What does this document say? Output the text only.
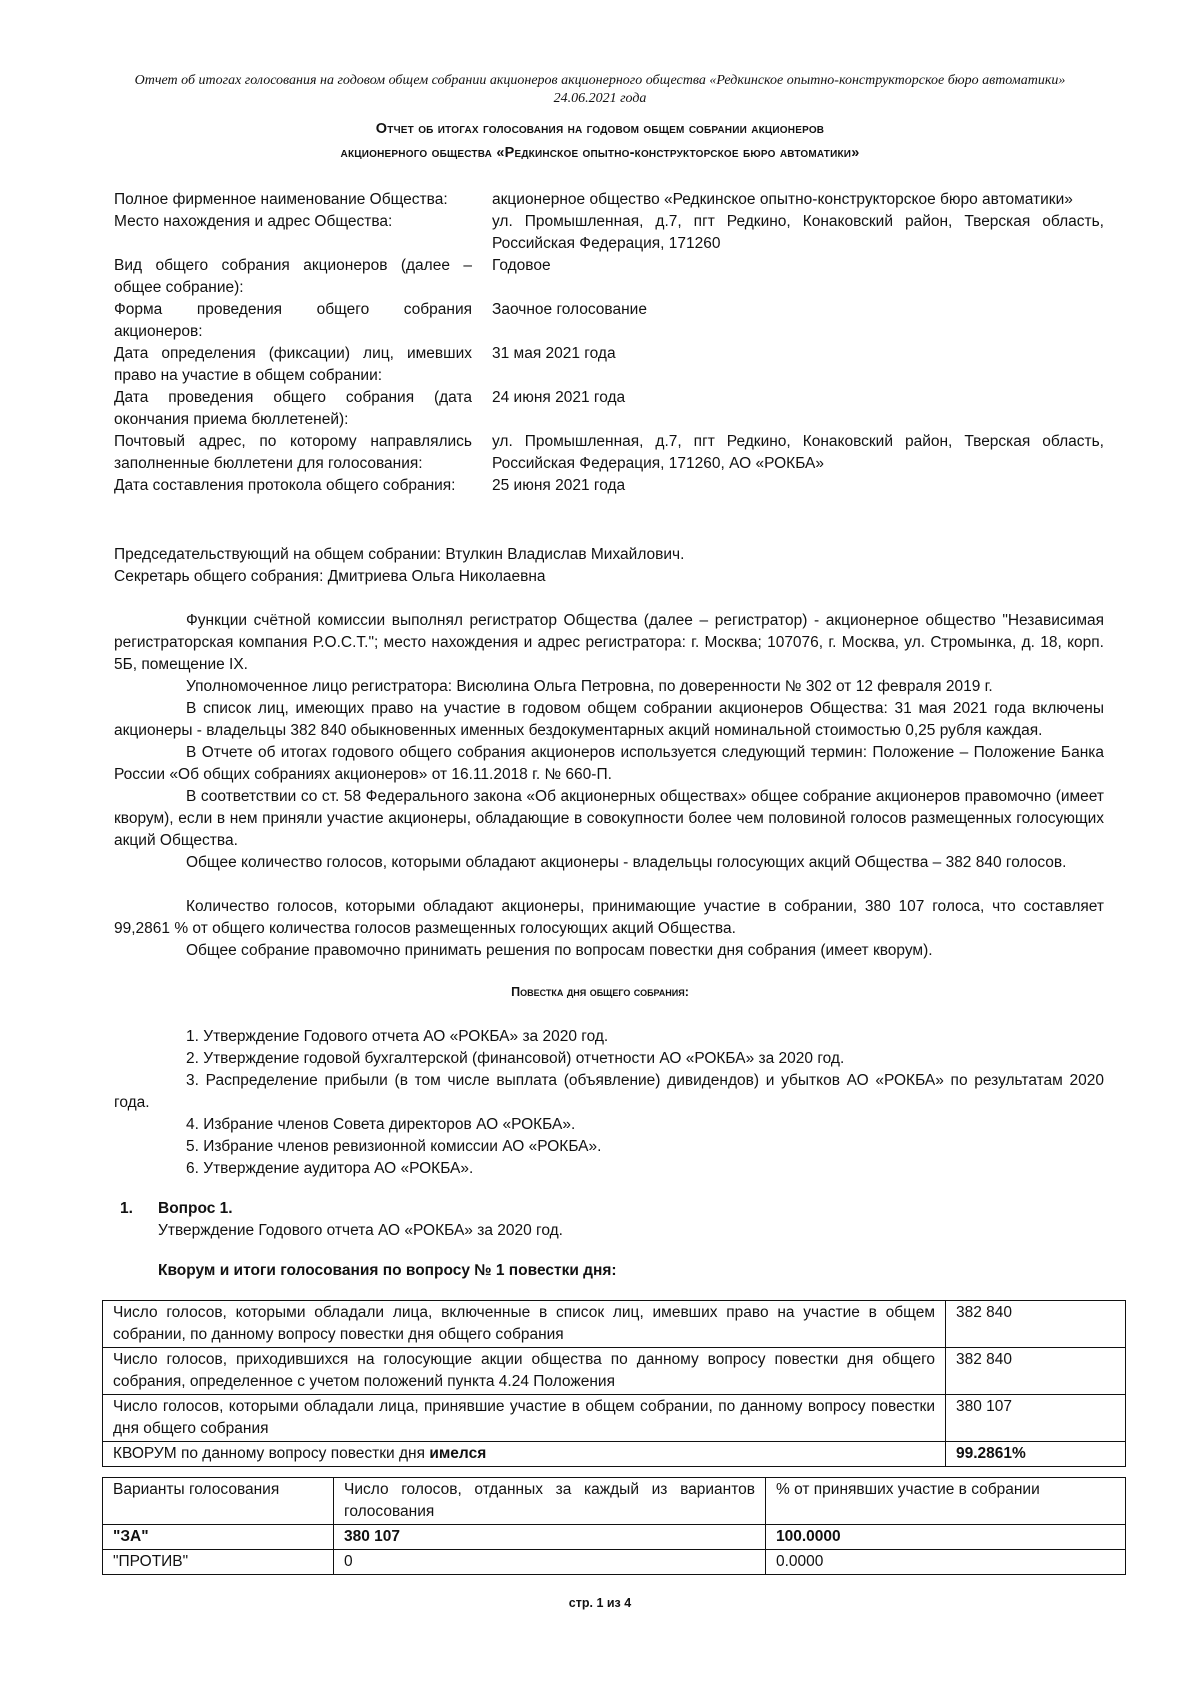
Отчет об итогах голосования на годовом общем собрании акционеров акционерного общества «Редкинское опытно-конструкторское бюро автоматики»
24.06.2021 года
Отчет об итогах голосования на годовом общем собрании акционеров
акционерного общества «Редкинское опытно-конструкторское бюро автоматики»
Полное фирменное наименование Общества:	акционерное общество «Редкинское опытно-конструкторское бюро автоматики»
Место нахождения и адрес Общества:	ул. Промышленная, д.7, пгт Редкино, Конаковский район, Тверская область, Российская Федерация, 171260
Вид общего собрания акционеров (далее – общее собрание):	Годовое
Форма проведения общего собрания акционеров:	Заочное голосование
Дата определения (фиксации) лиц, имевших право на участие в общем собрании:	31 мая 2021 года
Дата проведения общего собрания (дата окончания приема бюллетеней):	24 июня 2021 года
Почтовый адрес, по которому направлялись заполненные бюллетени для голосования:	ул. Промышленная, д.7, пгт Редкино, Конаковский район, Тверская область, Российская Федерация, 171260, АО «РОКБА»
Дата составления протокола общего собрания:	25 июня 2021 года
Председательствующий на общем собрании: Втулкин Владислав Михайлович.
Секретарь общего собрания: Дмитриева Ольга Николаевна
Функции счётной комиссии выполнял регистратор Общества (далее – регистратор) - акционерное общество "Независимая регистраторская компания Р.О.С.Т."; место нахождения и адрес регистратора: г. Москва; 107076, г. Москва, ул. Стромынка, д. 18, корп. 5Б, помещение IX.
Уполномоченное лицо регистратора: Висюлина Ольга Петровна, по доверенности № 302 от 12 февраля 2019 г.
В список лиц, имеющих право на участие в годовом общем собрании акционеров Общества: 31 мая 2021 года включены акционеры - владельцы 382 840 обыкновенных именных бездокументарных акций номинальной стоимостью 0,25 рубля каждая.
В Отчете об итогах годового общего собрания акционеров используется следующий термин: Положение – Положение Банка России «Об общих собраниях акционеров» от 16.11.2018 г. № 660-П.
В соответствии со ст. 58 Федерального закона «Об акционерных обществах» общее собрание акционеров правомочно (имеет кворум), если в нем приняли участие акционеры, обладающие в совокупности более чем половиной голосов размещенных голосующих акций Общества.
Общее количество голосов, которыми обладают акционеры - владельцы голосующих акций Общества – 382 840 голосов.
Количество голосов, которыми обладают акционеры, принимающие участие в собрании, 380 107 голоса, что составляет 99,2861 % от общего количества голосов размещенных голосующих акций Общества.
Общее собрание правомочно принимать решения по вопросам повестки дня собрания (имеет кворум).
Повестка дня общего собрания:
1. Утверждение Годового отчета АО «РОКБА» за 2020 год.
2. Утверждение годовой бухгалтерской (финансовой) отчетности АО «РОКБА» за 2020 год.
3. Распределение прибыли (в том числе выплата (объявление) дивидендов) и убытков АО «РОКБА» по результатам 2020 года.
4. Избрание членов Совета директоров АО «РОКБА».
5. Избрание членов ревизионной комиссии АО «РОКБА».
6. Утверждение аудитора АО «РОКБА».
1. Вопрос 1.
Утверждение Годового отчета АО «РОКБА» за 2020 год.
Кворум и итоги голосования по вопросу № 1 повестки дня:
Число голосов, которыми обладали лица, включенные в список лиц, имевших право на участие в общем собрании, по данному вопросу повестки дня общего собрания	382 840
Число голосов, приходившихся на голосующие акции общества по данному вопросу повестки дня общего собрания, определенное с учетом положений пункта 4.24 Положения	382 840
Число голосов, которыми обладали лица, принявшие участие в общем собрании, по данному вопросу повестки дня общего собрания	380 107
КВОРУМ по данному вопросу повестки дня имелся	99.2861%
Варианты голосования	Число голосов, отданных за каждый из вариантов голосования	% от принявших участие в собрании
"ЗА"	380 107	100.0000
"ПРОТИВ"	0	0.0000
стр. 1 из 4
